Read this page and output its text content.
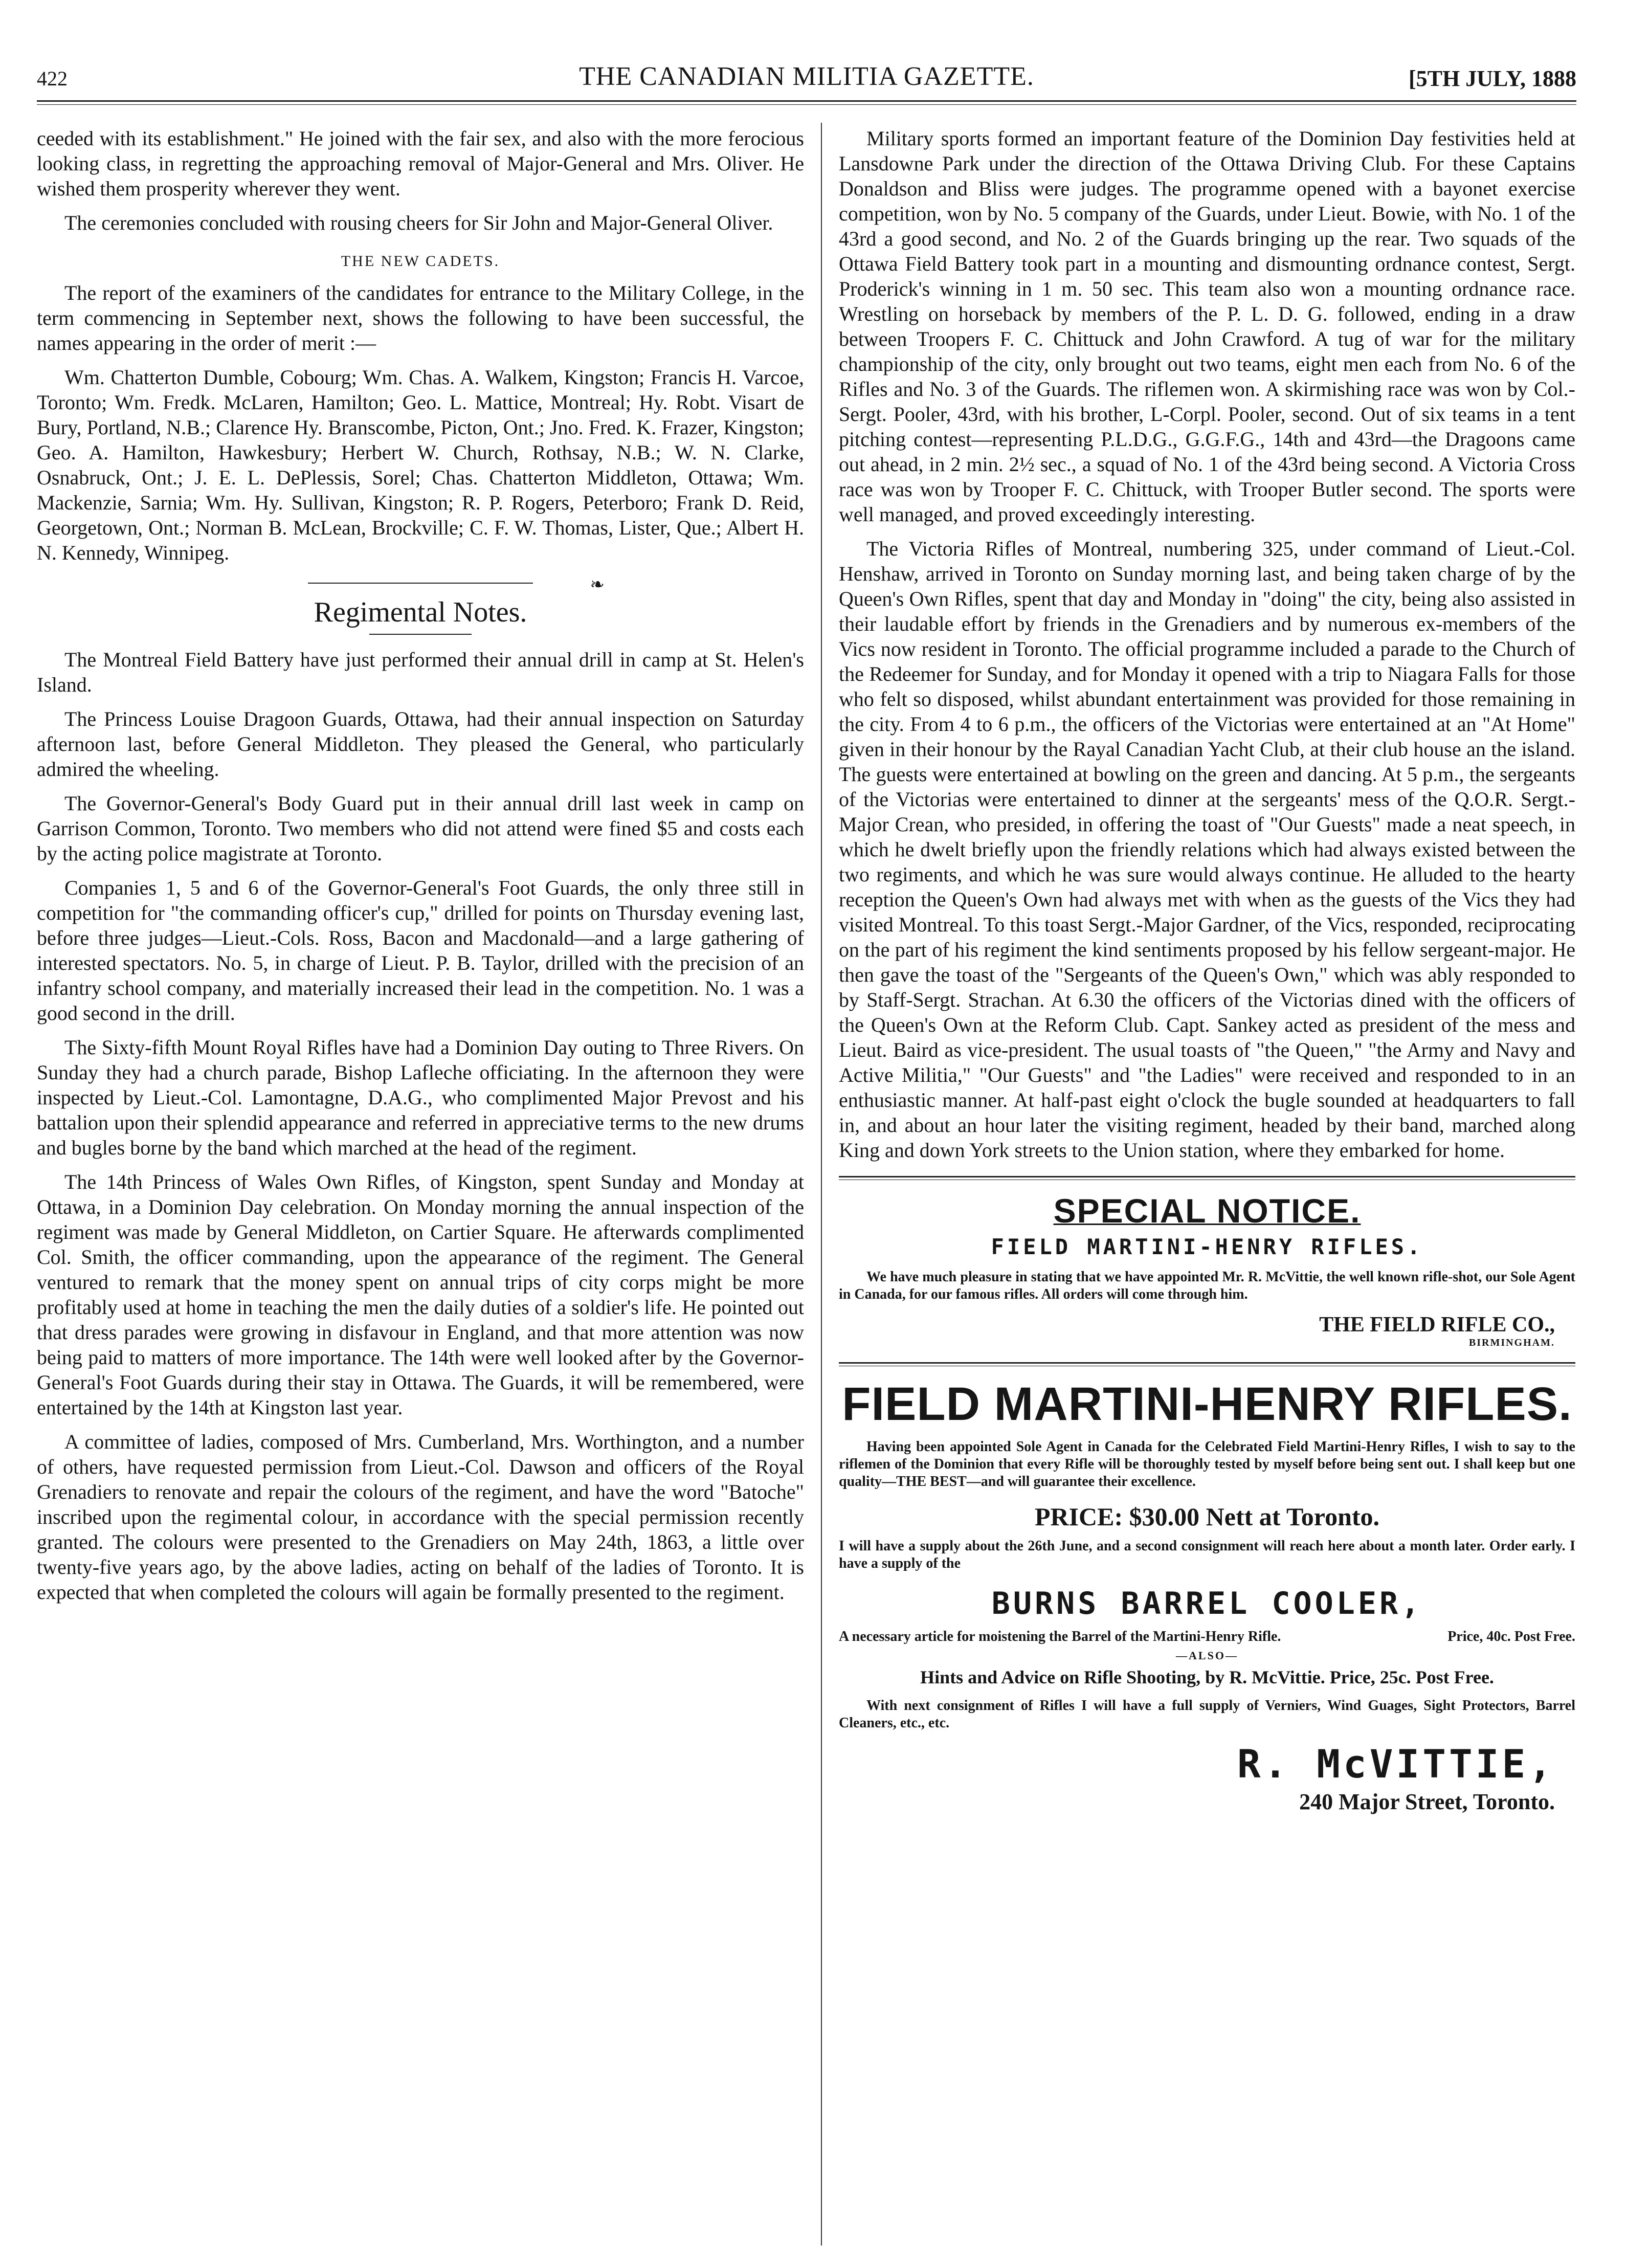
422	THE CANADIAN MILITIA GAZETTE.	[5TH JULY, 1888

ceeded with its establishment." He joined with the fair sex, and also with the more ferocious looking class, in regretting the approaching removal of Major-General and Mrs. Oliver. He wished them prosperity wherever they went.

The ceremonies concluded with rousing cheers for Sir John and Major-General Oliver.

THE NEW CADETS.

The report of the examiners of the candidates for entrance to the Military College, in the term commencing in September next, shows the following to have been successful, the names appearing in the order of merit :—

Wm. Chatterton Dumble, Cobourg; Wm. Chas. A. Walkem, Kingston; Francis H. Varcoe, Toronto; Wm. Fredk. McLaren, Hamilton; Geo. L. Mattice, Montreal; Hy. Robt. Visart de Bury, Portland, N.B.; Clarence Hy. Branscombe, Picton, Ont.; Jno. Fred. K. Frazer, Kingston; Geo. A. Hamilton, Hawkesbury; Herbert W. Church, Rothsay, N.B.; W. N. Clarke, Osnabruck, Ont.; J. E. L. DePlessis, Sorel; Chas. Chatterton Middleton, Ottawa; Wm. Mackenzie, Sarnia; Wm. Hy. Sullivan, Kingston; R. P. Rogers, Peterboro; Frank D. Reid, Georgetown, Ont.; Norman B. McLean, Brockville; C. F. W. Thomas, Lister, Que.; Albert H. N. Kennedy, Winnipeg.

❧
Regimental Notes.

The Montreal Field Battery have just performed their annual drill in camp at St. Helen's Island.

The Princess Louise Dragoon Guards, Ottawa, had their annual inspection on Saturday afternoon last, before General Middleton. They pleased the General, who particularly admired the wheeling.

The Governor-General's Body Guard put in their annual drill last week in camp on Garrison Common, Toronto. Two members who did not attend were fined $5 and costs each by the acting police magistrate at Toronto.

Companies 1, 5 and 6 of the Governor-General's Foot Guards, the only three still in competition for "the commanding officer's cup," drilled for points on Thursday evening last, before three judges—Lieut.-Cols. Ross, Bacon and Macdonald—and a large gathering of interested spectators. No. 5, in charge of Lieut. P. B. Taylor, drilled with the precision of an infantry school company, and materially increased their lead in the competition. No. 1 was a good second in the drill.

The Sixty-fifth Mount Royal Rifles have had a Dominion Day outing to Three Rivers. On Sunday they had a church parade, Bishop Lafleche officiating. In the afternoon they were inspected by Lieut.-Col. Lamontagne, D.A.G., who complimented Major Prevost and his battalion upon their splendid appearance and referred in appreciative terms to the new drums and bugles borne by the band which marched at the head of the regiment.

The 14th Princess of Wales Own Rifles, of Kingston, spent Sunday and Monday at Ottawa, in a Dominion Day celebration. On Monday morning the annual inspection of the regiment was made by General Middleton, on Cartier Square. He afterwards complimented Col. Smith, the officer commanding, upon the appearance of the regiment. The General ventured to remark that the money spent on annual trips of city corps might be more profitably used at home in teaching the men the daily duties of a soldier's life. He pointed out that dress parades were growing in disfavour in England, and that more attention was now being paid to matters of more importance. The 14th were well looked after by the Governor-General's Foot Guards during their stay in Ottawa. The Guards, it will be remembered, were entertained by the 14th at Kingston last year.

A committee of ladies, composed of Mrs. Cumberland, Mrs. Worthington, and a number of others, have requested permission from Lieut.-Col. Dawson and officers of the Royal Grenadiers to renovate and repair the colours of the regiment, and have the word "Batoche" inscribed upon the regimental colour, in accordance with the special permission recently granted. The colours were presented to the Grenadiers on May 24th, 1863, a little over twenty-five years ago, by the above ladies, acting on behalf of the ladies of Toronto. It is expected that when completed the colours will again be formally presented to the regiment.

Military sports formed an important feature of the Dominion Day festivities held at Lansdowne Park under the direction of the Ottawa Driving Club. For these Captains Donaldson and Bliss were judges. The programme opened with a bayonet exercise competition, won by No. 5 company of the Guards, under Lieut. Bowie, with No. 1 of the 43rd a good second, and No. 2 of the Guards bringing up the rear. Two squads of the Ottawa Field Battery took part in a mounting and dismounting ordnance contest, Sergt. Proderick's winning in 1 m. 50 sec. This team also won a mounting ordnance race. Wrestling on horseback by members of the P. L. D. G. followed, ending in a draw between Troopers F. C. Chittuck and John Crawford. A tug of war for the military championship of the city, only brought out two teams, eight men each from No. 6 of the Rifles and No. 3 of the Guards. The riflemen won. A skirmishing race was won by Col.-Sergt. Pooler, 43rd, with his brother, L-Corpl. Pooler, second. Out of six teams in a tent pitching contest—representing P.L.D.G., G.G.F.G., 14th and 43rd—the Dragoons came out ahead, in 2 min. 2½ sec., a squad of No. 1 of the 43rd being second. A Victoria Cross race was won by Trooper F. C. Chittuck, with Trooper Butler second. The sports were well managed, and proved exceedingly interesting.

The Victoria Rifles of Montreal, numbering 325, under command of Lieut.-Col. Henshaw, arrived in Toronto on Sunday morning last, and being taken charge of by the Queen's Own Rifles, spent that day and Monday in "doing" the city, being also assisted in their laudable effort by friends in the Grenadiers and by numerous ex-members of the Vics now resident in Toronto. The official programme included a parade to the Church of the Redeemer for Sunday, and for Monday it opened with a trip to Niagara Falls for those who felt so disposed, whilst abundant entertainment was provided for those remaining in the city. From 4 to 6 p.m., the officers of the Victorias were entertained at an "At Home" given in their honour by the Rayal Canadian Yacht Club, at their club house an the island. The guests were entertained at bowling on the green and dancing. At 5 p.m., the sergeants of the Victorias were entertained to dinner at the sergeants' mess of the Q.O.R. Sergt.-Major Crean, who presided, in offering the toast of "Our Guests" made a neat speech, in which he dwelt briefly upon the friendly relations which had always existed between the two regiments, and which he was sure would always continue. He alluded to the hearty reception the Queen's Own had always met with when as the guests of the Vics they had visited Montreal. To this toast Sergt.-Major Gardner, of the Vics, responded, reciprocating on the part of his regiment the kind sentiments proposed by his fellow sergeant-major. He then gave the toast of the "Sergeants of the Queen's Own," which was ably responded to by Staff-Sergt. Strachan. At 6.30 the officers of the Victorias dined with the officers of the Queen's Own at the Reform Club. Capt. Sankey acted as president of the mess and Lieut. Baird as vice-president. The usual toasts of "the Queen," "the Army and Navy and Active Militia," "Our Guests" and "the Ladies" were received and responded to in an enthusiastic manner. At half-past eight o'clock the bugle sounded at headquarters to fall in, and about an hour later the visiting regiment, headed by their band, marched along King and down York streets to the Union station, where they embarked for home.

SPECIAL NOTICE.
FIELD MARTINI-HENRY RIFLES.

We have much pleasure in stating that we have appointed Mr. R. McVittie, the well known rifle-shot, our Sole Agent in Canada, for our famous rifles. All orders will come through him.

THE FIELD RIFLE CO.,
BIRMINGHAM.
FIELD MARTINI-HENRY RIFLES.

Having been appointed Sole Agent in Canada for the Celebrated Field Martini-Henry Rifles, I wish to say to the riflemen of the Dominion that every Rifle will be thoroughly tested by myself before being sent out. I shall keep but one quality—THE BEST—and will guarantee their excellence.

PRICE: $30.00 Nett at Toronto.

I will have a supply about the 26th June, and a second consignment will reach here about a month later. Order early. I have a supply of the

BURNS BARREL COOLER,
A necessary article for moistening the Barrel of the Martini-Henry Rifle.	Price, 40c. Post Free.
—ALSO—
Hints and Advice on Rifle Shooting, by R. McVittie. Price, 25c. Post Free.

With next consignment of Rifles I will have a full supply of Verniers, Wind Guages, Sight Protectors, Barrel Cleaners, etc., etc.

R. McVITTIE,
240 Major Street, Toronto.
